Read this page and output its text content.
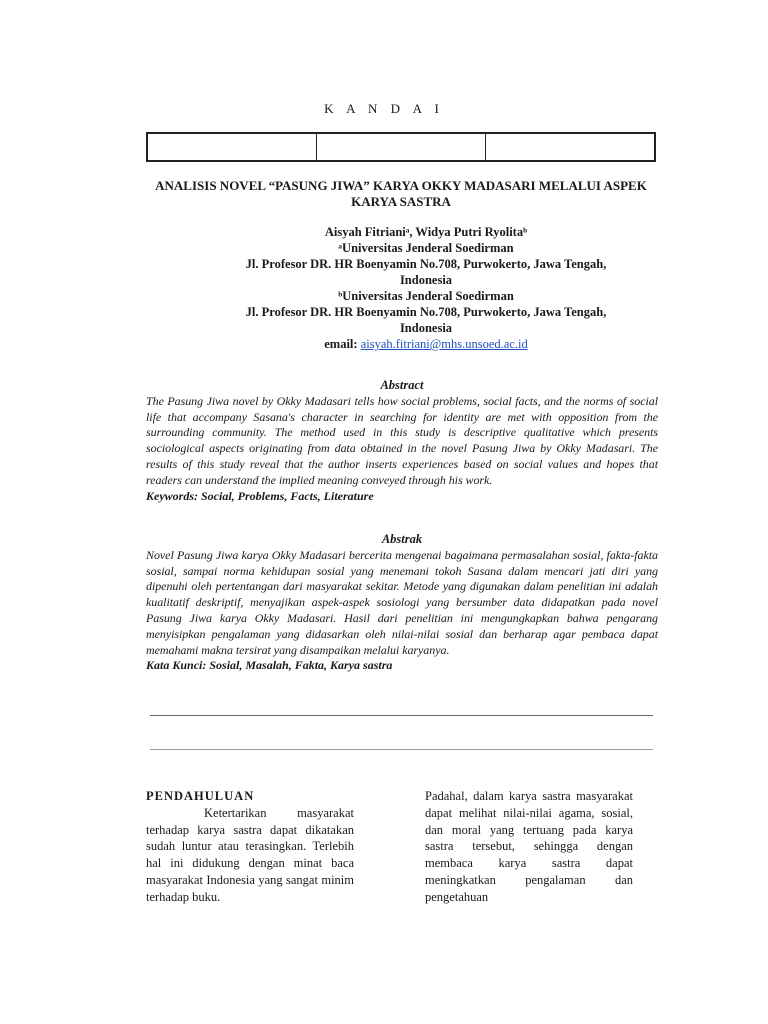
K A N D A I
ANALISIS NOVEL “PASUNG JIWA” KARYA OKKY MADASARI MELALUI ASPEK KARYA SASTRA
Aisyah Fitrianiᵃ, Widya Putri Ryolitaᵇ
ᵃUniversitas Jenderal Soedirman
Jl. Profesor DR. HR Boenyamin No.708, Purwokerto, Jawa Tengah,
Indonesia
ᵇUniversitas Jenderal Soedirman
Jl. Profesor DR. HR Boenyamin No.708, Purwokerto, Jawa Tengah,
Indonesia
email: aisyah.fitriani@mhs.unsoed.ac.id

Abstract

The Pasung Jiwa novel by Okky Madasari tells how social problems, social facts, and the norms of social life that accompany Sasana's character in searching for identity are met with opposition from the surrounding community. The method used in this study is descriptive qualitative which presents sociological aspects originating from data obtained in the novel Pasung Jiwa by Okky Madasari. The results of this study reveal that the author inserts experiences based on social values and hopes that readers can understand the implied meaning conveyed through his work.

Keywords: Social, Problems, Facts, Literature

Abstrak

Novel Pasung Jiwa karya Okky Madasari bercerita mengenai bagaimana permasalahan sosial, fakta-fakta sosial, sampai norma kehidupan sosial yang menemani tokoh Sasana dalam mencari jati diri yang dipenuhi oleh pertentangan dari masyarakat sekitar. Metode yang digunakan dalam penelitian ini adalah kualitatif deskriptif, menyajikan aspek-aspek sosiologi yang bersumber data didapatkan pada novel Pasung Jiwa karya Okky Madasari. Hasil dari penelitian ini mengungkapkan bahwa pengarang menyisipkan pengalaman yang didasarkan oleh nilai-nilai sosial dan berharap agar pembaca dapat memahami makna tersirat yang disampaikan melalui karyanya.

Kata Kunci: Sosial, Masalah, Fakta, Karya sastra

PENDAHULUAN

Ketertarikan masyarakat terhadap karya sastra dapat dikatakan sudah luntur atau terasingkan. Terlebih hal ini didukung dengan minat baca masyarakat Indonesia yang sangat minim terhadap buku.

Padahal, dalam karya sastra masyarakat dapat melihat nilai-nilai agama, sosial, dan moral yang tertuang pada karya sastra tersebut, sehingga dengan membaca karya sastra dapat meningkatkan pengalaman dan pengetahuan
